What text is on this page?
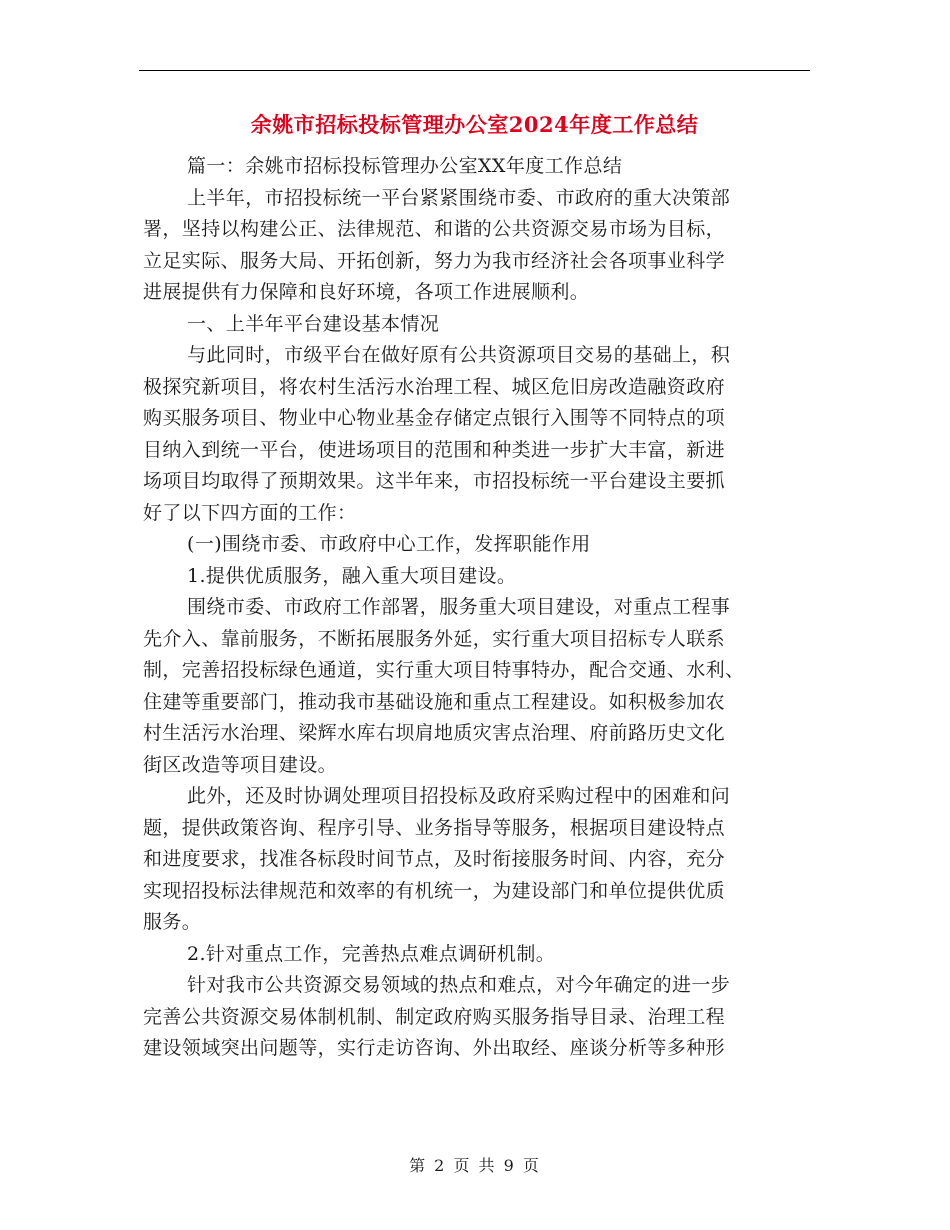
余姚市招标投标管理办公室2024年度工作总结
篇一：余姚市招标投标管理办公室XX年度工作总结
上半年，市招投标统一平台紧紧围绕市委、市政府的重大决策部
署，坚持以构建公正、法律规范、和谐的公共资源交易市场为目标，
立足实际、服务大局、开拓创新，努力为我市经济社会各项事业科学
进展提供有力保障和良好环境，各项工作进展顺利。
一、上半年平台建设基本情况
与此同时，市级平台在做好原有公共资源项目交易的基础上，积
极探究新项目，将农村生活污水治理工程、城区危旧房改造融资政府
购买服务项目、物业中心物业基金存储定点银行入围等不同特点的项
目纳入到统一平台，使进场项目的范围和种类进一步扩大丰富，新进
场项目均取得了预期效果。这半年来，市招投标统一平台建设主要抓
好了以下四方面的工作：
(一)围绕市委、市政府中心工作，发挥职能作用
1.提供优质服务，融入重大项目建设。
围绕市委、市政府工作部署，服务重大项目建设，对重点工程事
先介入、靠前服务，不断拓展服务外延，实行重大项目招标专人联系
制，完善招投标绿色通道，实行重大项目特事特办，配合交通、水利、
住建等重要部门，推动我市基础设施和重点工程建设。如积极参加农
村生活污水治理、梁辉水库右坝肩地质灾害点治理、府前路历史文化
街区改造等项目建设。
此外，还及时协调处理项目招投标及政府采购过程中的困难和问
题，提供政策咨询、程序引导、业务指导等服务，根据项目建设特点
和进度要求，找准各标段时间节点，及时衔接服务时间、内容，充分
实现招投标法律规范和效率的有机统一，为建设部门和单位提供优质
服务。
2.针对重点工作，完善热点难点调研机制。
针对我市公共资源交易领域的热点和难点，对今年确定的进一步
完善公共资源交易体制机制、制定政府购买服务指导目录、治理工程
建设领域突出问题等，实行走访咨询、外出取经、座谈分析等多种形
第 2 页 共 9 页
